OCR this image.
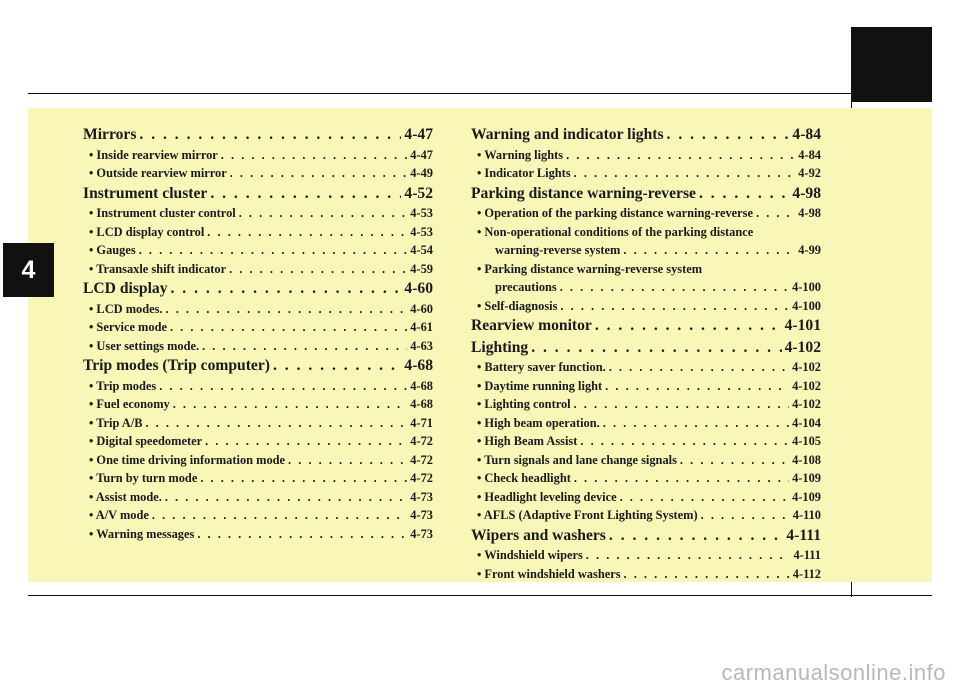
4
Mirrors . . .	4-47
• Inside rearview mirror . . .	4-47
• Outside rearview mirror . . .	4-49
Instrument cluster . . .	4-52
• Instrument cluster control . . .	4-53
• LCD display control . . .	4-53
• Gauges . . .	4-54
• Transaxle shift indicator . . .	4-59
LCD display . . .	4-60
• LCD modes. . . .	4-60
• Service mode . . .	4-61
• User settings mode. . . .	4-63
Trip modes (Trip computer) . . .	4-68
• Trip modes . . .	4-68
• Fuel economy . . .	4-68
• Trip A/B . . .	4-71
• Digital speedometer . . .	4-72
• One time driving information mode . . .	4-72
• Turn by turn mode . . .	4-72
• Assist mode. . . .	4-73
• A/V mode . . .	4-73
• Warning messages . . .	4-73
Warning and indicator lights . . .	4-84
• Warning lights . . .	4-84
• Indicator Lights . . .	4-92
Parking distance warning-reverse . . .	4-98
• Operation of the parking distance warning-reverse . . .	4-98
• Non-operational conditions of the parking distance
warning-reverse system . . .	4-99
• Parking distance warning-reverse system
precautions . . .	4-100
• Self-diagnosis . . .	4-100
Rearview monitor . . .	4-101
Lighting . . .	4-102
• Battery saver function. . . .	4-102
• Daytime running light . . .	4-102
• Lighting control . . .	4-102
• High beam operation. . . .	4-104
• High Beam Assist . . .	4-105
• Turn signals and lane change signals . . .	4-108
• Check headlight . . .	4-109
• Headlight leveling device . . .	4-109
• AFLS (Adaptive Front Lighting System) . . .	4-110
Wipers and washers . . .	4-111
• Windshield wipers . . .	4-111
• Front windshield washers . . .	4-112
carmanualsonline.info
